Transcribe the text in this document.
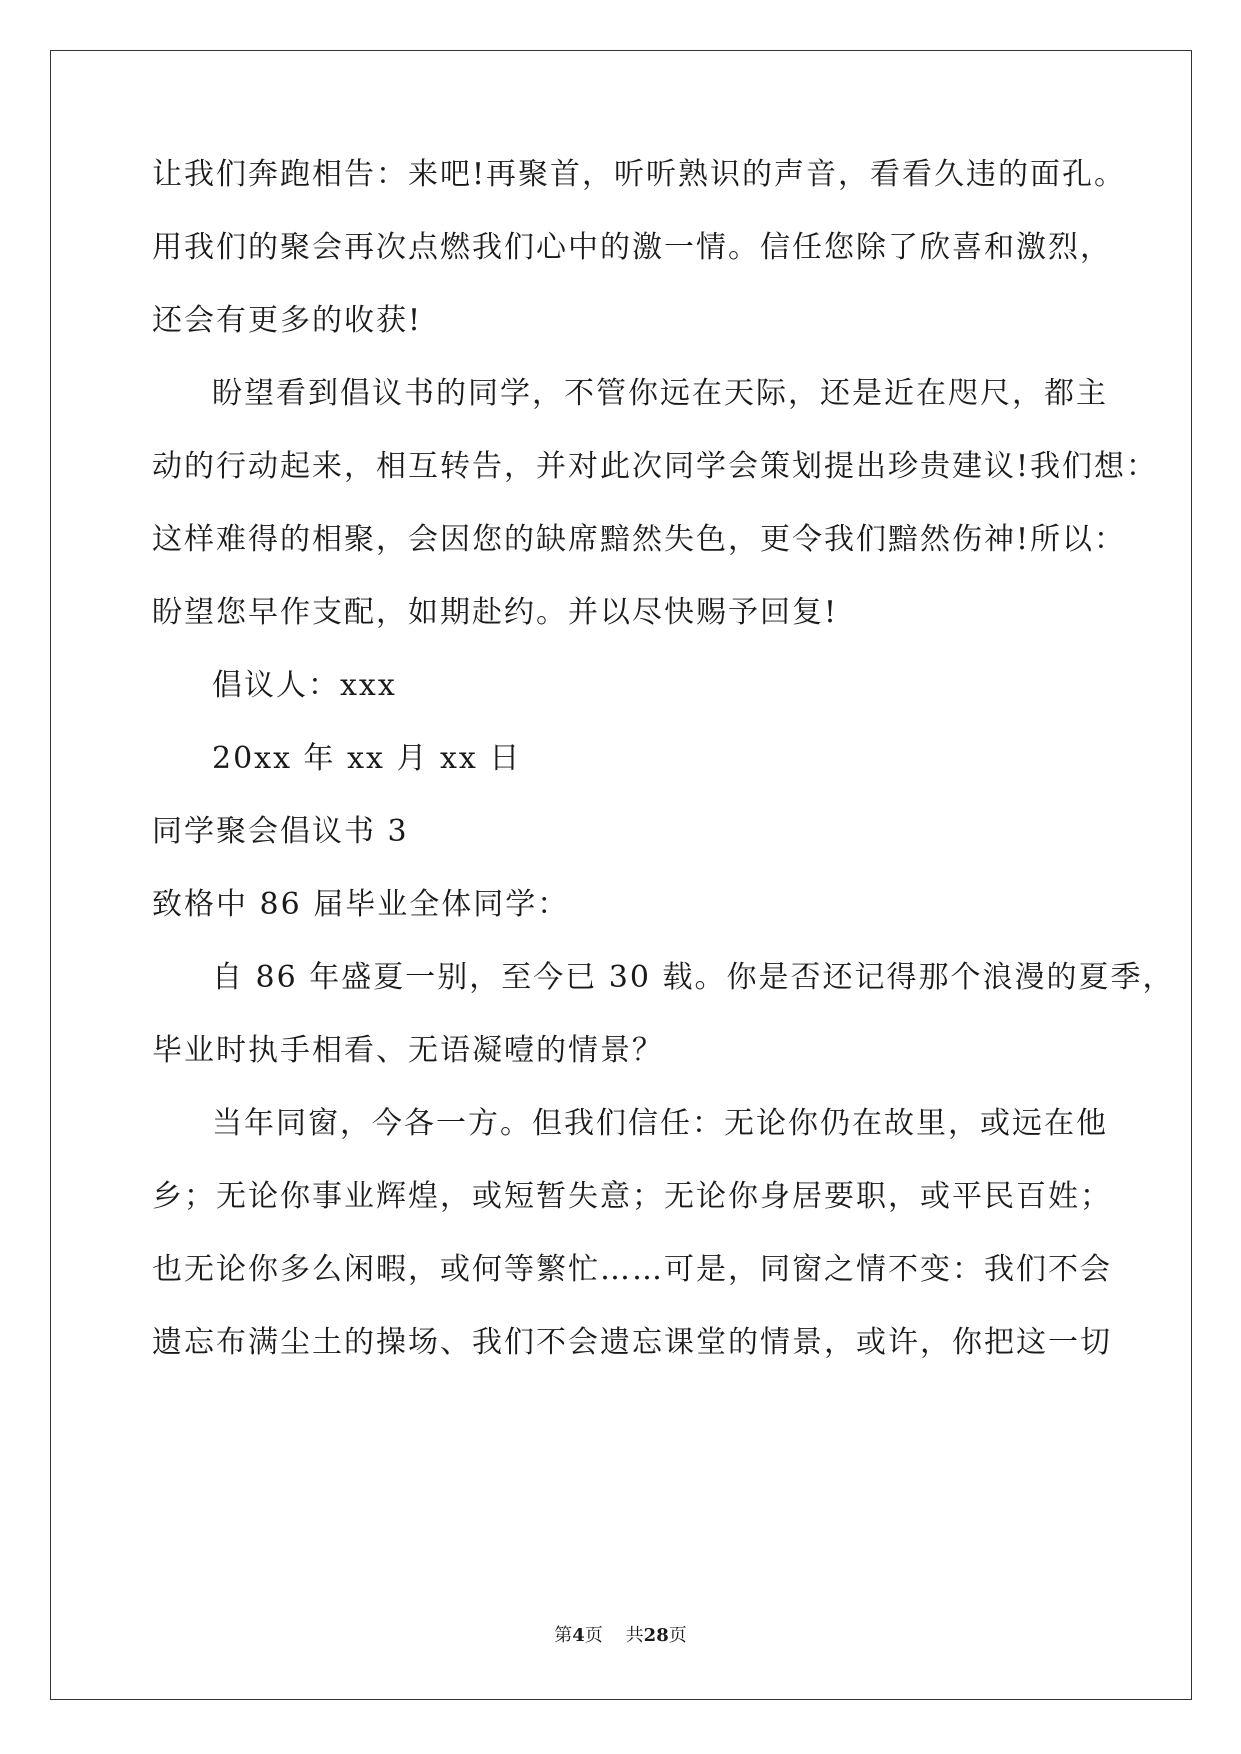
让我们奔跑相告：来吧!再聚首，听听熟识的声音，看看久违的面孔。
用我们的聚会再次点燃我们心中的激一情。信任您除了欣喜和激烈，
还会有更多的收获!
盼望看到倡议书的同学，不管你远在天际，还是近在咫尺，都主
动的行动起来，相互转告，并对此次同学会策划提出珍贵建议!我们想：
这样难得的相聚，会因您的缺席黯然失色，更令我们黯然伤神!所以：
盼望您早作支配，如期赴约。并以尽快赐予回复!
倡议人：xxx
20xx 年 xx 月 xx 日
同学聚会倡议书 3
致格中 86 届毕业全体同学：
自 86 年盛夏一别，至今已 30 载。你是否还记得那个浪漫的夏季，
毕业时执手相看、无语凝噎的情景？
当年同窗，今各一方。但我们信任：无论你仍在故里，或远在他
乡；无论你事业辉煌，或短暂失意；无论你身居要职，或平民百姓；
也无论你多么闲暇，或何等繁忙……可是，同窗之情不变：我们不会
遗忘布满尘土的操场、我们不会遗忘课堂的情景，或许，你把这一切
第4页 共28页
